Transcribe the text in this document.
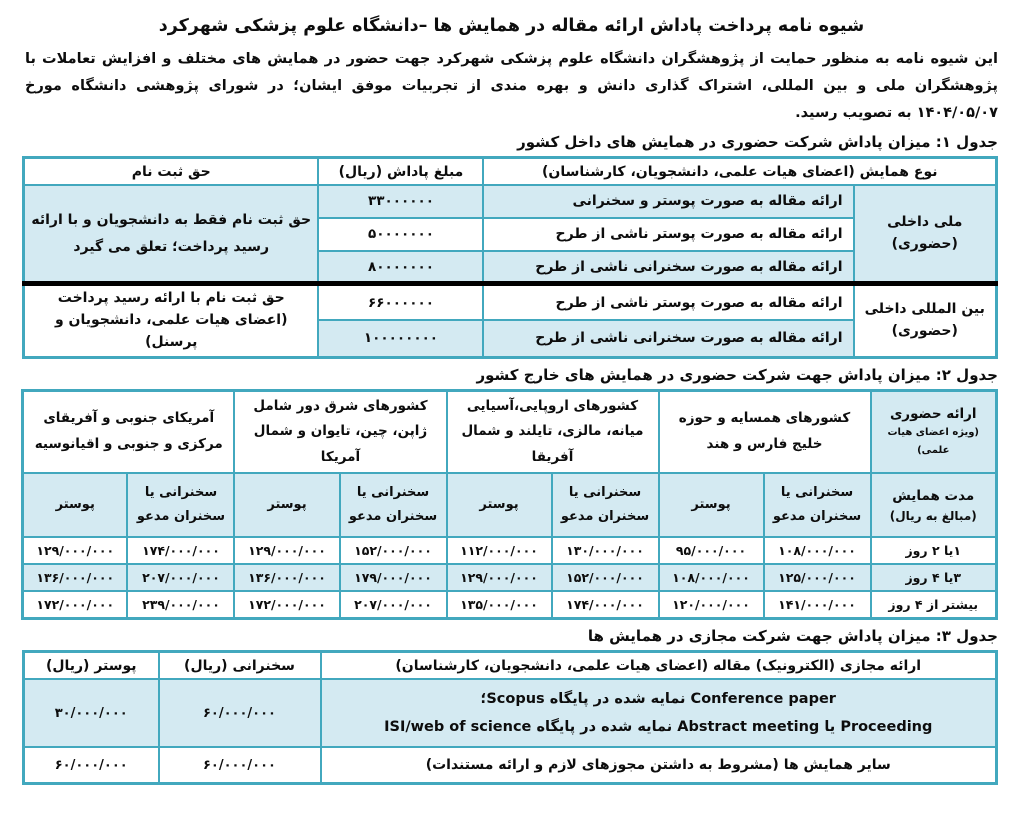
شیوه نامه پرداخت پاداش ارائه مقاله در همایش ها –دانشگاه علوم پزشکی شهرکرد
این شیوه نامه به منظور حمایت از پژوهشگران دانشگاه علوم پزشکی شهرکرد جهت حضور در همایش های مختلف و افزایش تعاملات با پژوهشگران ملی و بین المللی، اشتراک گذاری دانش و بهره مندی از تجربیات موفق ایشان؛ در شورای پژوهشی دانشگاه مورخ ۱۴۰۴/۰۵/۰۷ به تصویب رسید.
جدول ۱: میزان پاداش شرکت حضوری در همایش های داخل کشور
نوع همایش (اعضای هیات علمی، دانشجویان، کارشناسان)		مبلغ پاداش (ریال)	حق ثبت نام

ملی داخلی
(حضوری)	ارائه مقاله به صورت پوستر و سخنرانی	۳۳۰۰۰۰۰۰	حق ثبت نام فقط به دانشجویان و با ارائه رسید پرداخت؛ تعلق می گیرد
	ارائه مقاله به صورت پوستر ناشی از طرح	۵۰۰۰۰۰۰۰	
	ارائه مقاله به صورت سخنرانی ناشی از طرح	۸۰۰۰۰۰۰۰	

بین المللی داخلی
(حضوری)	ارائه مقاله به صورت پوستر ناشی از طرح	۶۶۰۰۰۰۰۰	حق ثبت نام با ارائه رسید پرداخت
(اعضای هیات علمی، دانشجویان و پرسنل)

	ارائه مقاله به صورت سخنرانی ناشی از طرح	۱۰۰۰۰۰۰۰۰	
جدول ۲: میزان پاداش جهت شرکت حضوری در همایش های خارج کشور
ارائه حضوری
(ویژه اعضای هیات علمی)	کشورهای همسایه و حوزه خلیج فارس و هند		کشورهای اروپایی،آسیایی میانه، مالزی، تایلند و شمال آفریقا		کشورهای شرق دور شامل ژاپن، چین، تایوان و شمال آمریکا		آمریکای جنوبی و آفریقای مرکزی و جنوبی و اقیانوسیه	

مدت همایش
(مبالغ به ریال)	سخنرانی یا سخنران مدعو	پوستر	سخنرانی یا سخنران مدعو	پوستر	سخنرانی یا سخنران مدعو	پوستر	سخنرانی یا سخنران مدعو	پوستر
۱یا ۲ روز	۱۰۸/۰۰۰/۰۰۰	۹۵/۰۰۰/۰۰۰	۱۳۰/۰۰۰/۰۰۰	۱۱۲/۰۰۰/۰۰۰	۱۵۲/۰۰۰/۰۰۰	۱۲۹/۰۰۰/۰۰۰	۱۷۴/۰۰۰/۰۰۰	۱۲۹/۰۰۰/۰۰۰
۳یا ۴ روز	۱۲۵/۰۰۰/۰۰۰	۱۰۸/۰۰۰/۰۰۰	۱۵۲/۰۰۰/۰۰۰	۱۲۹/۰۰۰/۰۰۰	۱۷۹/۰۰۰/۰۰۰	۱۳۶/۰۰۰/۰۰۰	۲۰۷/۰۰۰/۰۰۰	۱۳۶/۰۰۰/۰۰۰
بیشتر از ۴ روز	۱۴۱/۰۰۰/۰۰۰	۱۲۰/۰۰۰/۰۰۰	۱۷۴/۰۰۰/۰۰۰	۱۳۵/۰۰۰/۰۰۰	۲۰۷/۰۰۰/۰۰۰	۱۷۲/۰۰۰/۰۰۰	۲۳۹/۰۰۰/۰۰۰	۱۷۲/۰۰۰/۰۰۰
جدول ۳: میزان پاداش جهت شرکت مجازی در همایش ها
ارائه مجازی (الکترونیک) مقاله (اعضای هیات علمی، دانشجویان، کارشناسان)	سخنرانی (ریال)	پوستر (ریال)

Conference paper نمایه شده در پایگاه Scopus؛
Proceeding یا Abstract meeting نمایه شده در پایگاه ISI/web of science	۶۰/۰۰۰/۰۰۰	۳۰/۰۰۰/۰۰۰
سایر همایش ها (مشروط به داشتن مجوزهای لازم و ارائه مستندات)	۶۰/۰۰۰/۰۰۰	۶۰/۰۰۰/۰۰۰
